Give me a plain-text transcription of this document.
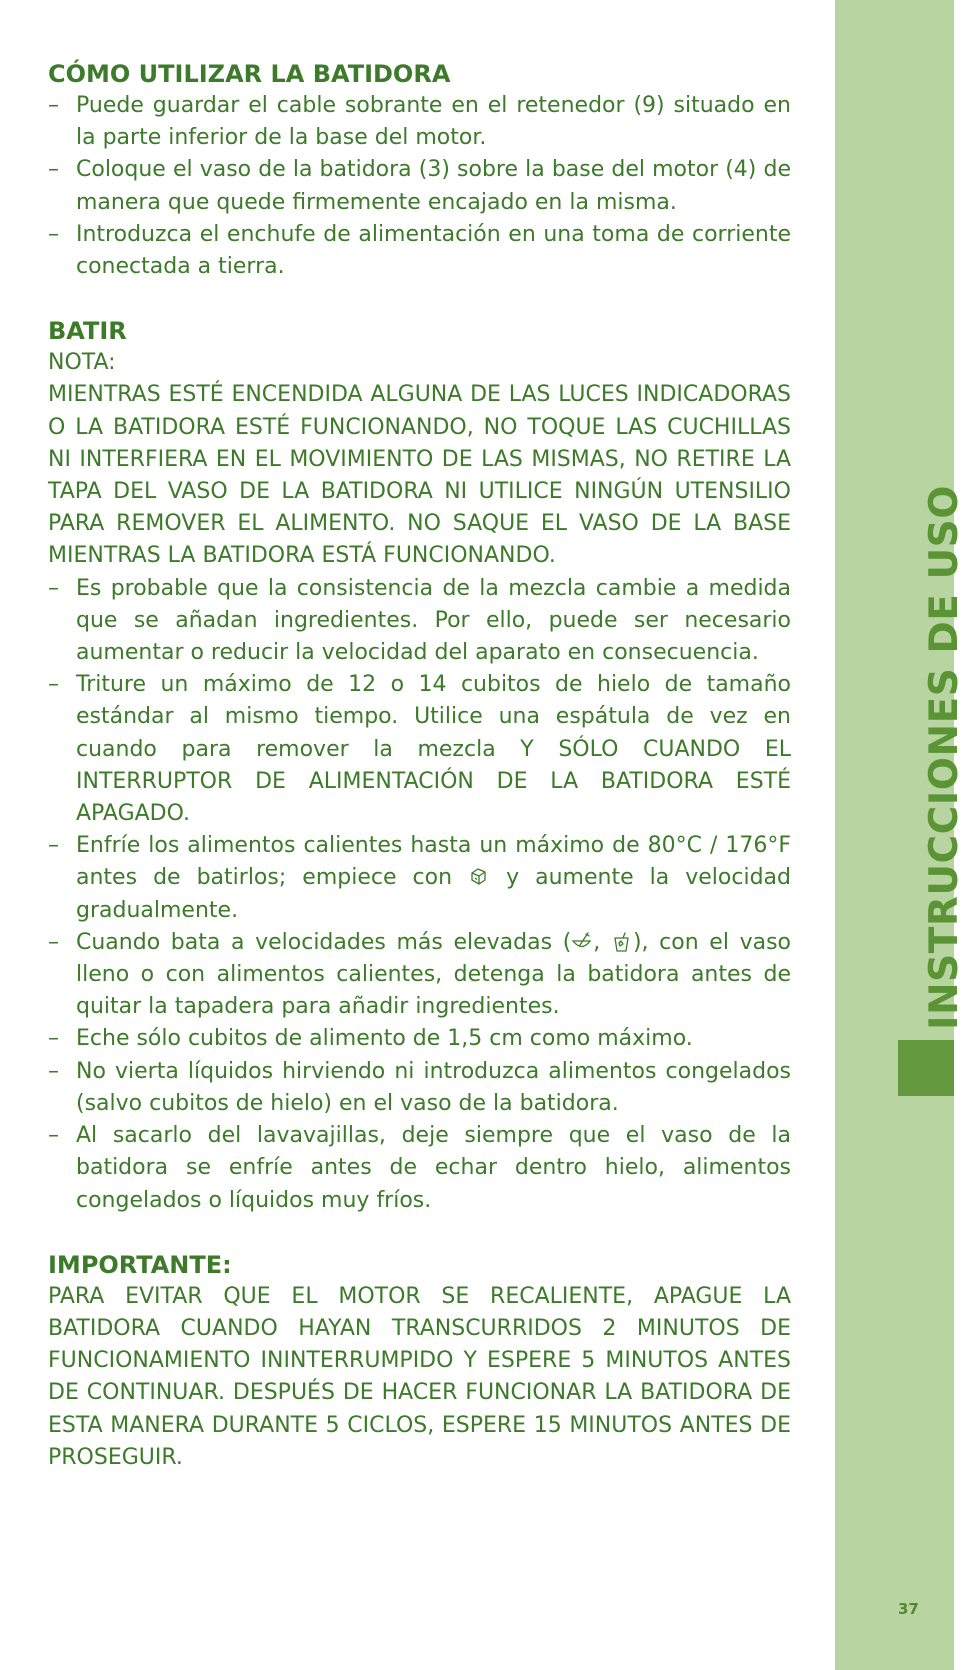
INSTRUCCIONES DE USO
37
CÓMO UTILIZAR LA BATIDORA
– Puede guardar el cable sobrante en el retenedor (9) situado en la parte inferior de la base del motor.
– Coloque el vaso de la batidora (3) sobre la base del motor (4) de manera que quede firmemente encajado en la misma.
– Introduzca el enchufe de alimentación en una toma de corriente conectada a tierra.
BATIR

NOTA:

MIENTRAS ESTÉ ENCENDIDA ALGUNA DE LAS LUCES INDICADORAS O LA BATIDORA ESTÉ FUNCIONANDO, NO TOQUE LAS CUCHILLAS NI INTERFIERA EN EL MOVIMIENTO DE LAS MISMAS, NO RETIRE LA TAPA DEL VASO DE LA BATIDORA NI UTILICE NINGÚN UTENSILIO PARA REMOVER EL ALIMENTO. NO SAQUE EL VASO DE LA BASE MIENTRAS LA BATIDORA ESTÁ FUNCIONANDO.

– Es probable que la consistencia de la mezcla cambie a medida que se añadan ingredientes. Por ello, puede ser necesario aumentar o reducir la velocidad del aparato en consecuencia.
– Triture un máximo de 12 o 14 cubitos de hielo de tamaño estándar al mismo tiempo. Utilice una espátula de vez en cuando para remover la mezcla Y SÓLO CUANDO EL INTERRUPTOR DE ALIMENTACIÓN DE LA BATIDORA ESTÉ APAGADO.
– Enfríe los alimentos calientes hasta un máximo de 80°C / 176°F antes de batirlos; empiece con
y aumente la velocidad gradualmente.
– Cuando bata a velocidades más elevadas ( ,
), con el vaso lleno o con alimentos calientes, detenga la batidora antes de quitar la tapadera para añadir ingredientes.
– Eche sólo cubitos de alimento de 1,5 cm como máximo.
– No vierta líquidos hirviendo ni introduzca alimentos congelados (salvo cubitos de hielo) en el vaso de la batidora.
– Al sacarlo del lavavajillas, deje siempre que el vaso de la batidora se enfríe antes de echar dentro hielo, alimentos congelados o líquidos muy fríos.
IMPORTANTE:

PARA EVITAR QUE EL MOTOR SE RECALIENTE, APAGUE LA BATIDORA CUANDO HAYAN TRANSCURRIDOS 2 MINUTOS DE FUNCIONAMIENTO ININTERRUMPIDO Y ESPERE 5 MINUTOS ANTES DE CONTINUAR. DESPUÉS DE HACER FUNCIONAR LA BATIDORA DE ESTA MANERA DURANTE 5 CICLOS, ESPERE 15 MINUTOS ANTES DE PROSEGUIR.
